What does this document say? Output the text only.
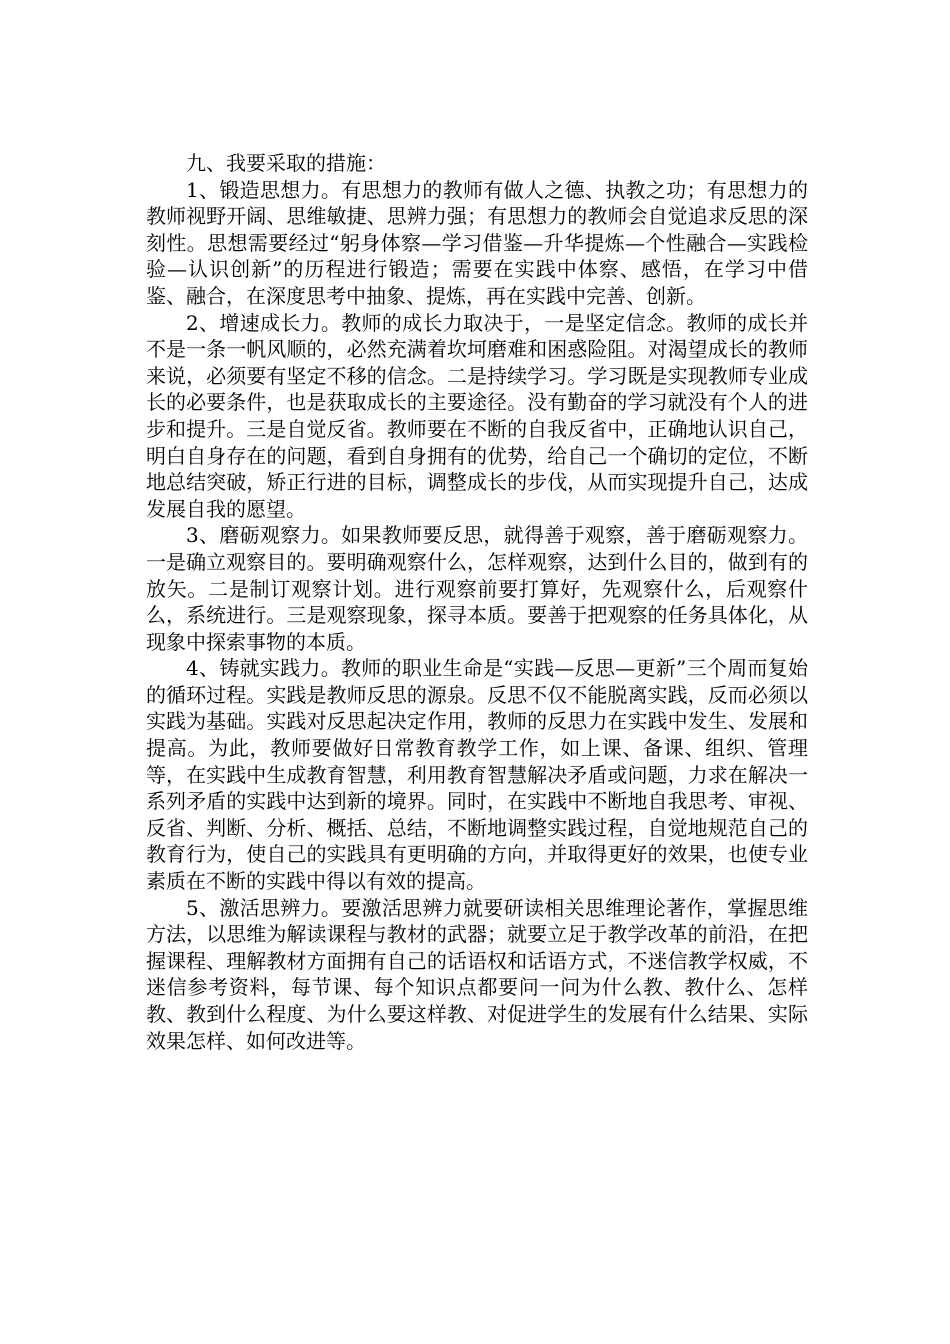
九、我要采取的措施：

1、锻造思想力。有思想力的教师有做人之德、执教之功；有思想力的教师视野开阔、思维敏捷、思辨力强；有思想力的教师会自觉追求反思的深刻性。思想需要经过“躬身体察—学习借鉴—升华提炼—个性融合—实践检验—认识创新”的历程进行锻造；需要在实践中体察、感悟，在学习中借鉴、融合，在深度思考中抽象、提炼，再在实践中完善、创新。

2、增速成长力。教师的成长力取决于，一是坚定信念。教师的成长并不是一条一帆风顺的，必然充满着坎坷磨难和困惑险阻。对渴望成长的教师来说，必须要有坚定不移的信念。二是持续学习。学习既是实现教师专业成长的必要条件，也是获取成长的主要途径。没有勤奋的学习就没有个人的进步和提升。三是自觉反省。教师要在不断的自我反省中，正确地认识自己，明白自身存在的问题，看到自身拥有的优势，给自己一个确切的定位，不断地总结突破，矫正行进的目标，调整成长的步伐，从而实现提升自己，达成发展自我的愿望。

3、磨砺观察力。如果教师要反思，就得善于观察，善于磨砺观察力。一是确立观察目的。要明确观察什么，怎样观察，达到什么目的，做到有的放矢。二是制订观察计划。进行观察前要打算好，先观察什么，后观察什么，系统进行。三是观察现象，探寻本质。要善于把观察的任务具体化，从现象中探索事物的本质。

4、铸就实践力。教师的职业生命是“实践—反思—更新”三个周而复始的循环过程。实践是教师反思的源泉。反思不仅不能脱离实践，反而必须以实践为基础。实践对反思起决定作用，教师的反思力在实践中发生、发展和提高。为此，教师要做好日常教育教学工作，如上课、备课、组织、管理等，在实践中生成教育智慧，利用教育智慧解决矛盾或问题，力求在解决一系列矛盾的实践中达到新的境界。同时，在实践中不断地自我思考、审视、反省、判断、分析、概括、总结，不断地调整实践过程，自觉地规范自己的教育行为，使自己的实践具有更明确的方向，并取得更好的效果，也使专业素质在不断的实践中得以有效的提高。

5、激活思辨力。要激活思辨力就要研读相关思维理论著作，掌握思维方法，以思维为解读课程与教材的武器；就要立足于教学改革的前沿，在把握课程、理解教材方面拥有自己的话语权和话语方式，不迷信教学权威，不迷信参考资料，每节课、每个知识点都要问一问为什么教、教什么、怎样教、教到什么程度、为什么要这样教、对促进学生的发展有什么结果、实际效果怎样、如何改进等。
